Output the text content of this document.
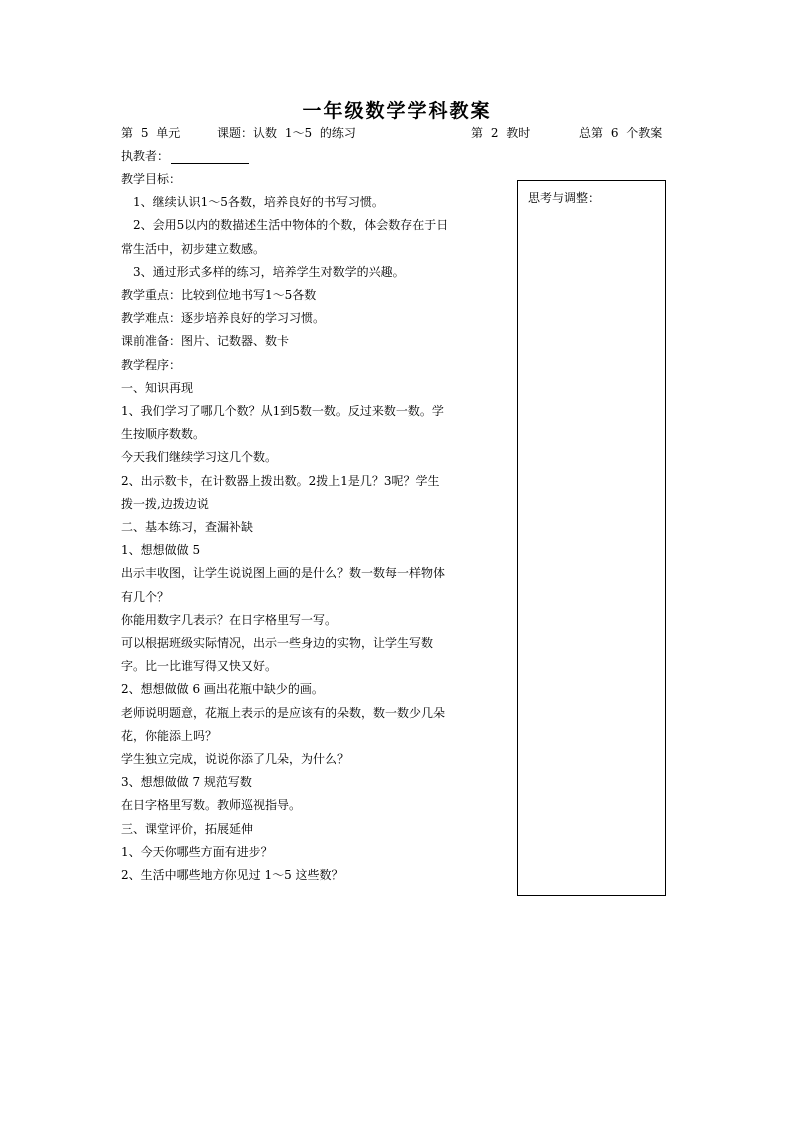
一年级数学学科教案
第 5 单元	课题：认数 1～5 的练习	第 2 教时	总第 6 个教案
执教者：

教学目标：

1、继续认识1～5各数，培养良好的书写习惯。

2、会用5以内的数描述生活中物体的个数，体会数存在于日

常生活中，初步建立数感。

3、通过形式多样的练习，培养学生对数学的兴趣。

教学重点：比较到位地书写1～5各数

教学难点：逐步培养良好的学习习惯。

课前准备：图片、记数器、数卡

教学程序：

一、知识再现

1、我们学习了哪几个数？从1到5数一数。反过来数一数。学

生按顺序数数。

今天我们继续学习这几个数。

2、出示数卡，在计数器上拨出数。2拨上1是几？3呢？学生

拨一拨,边拨边说

二、基本练习，查漏补缺

1、想想做做 5

出示丰收图，让学生说说图上画的是什么？数一数每一样物体

有几个？

你能用数字几表示？在日字格里写一写。

可以根据班级实际情况，出示一些身边的实物，让学生写数

字。比一比谁写得又快又好。

2、想想做做 6 画出花瓶中缺少的画。

老师说明题意，花瓶上表示的是应该有的朵数，数一数少几朵

花，你能添上吗？

学生独立完成，说说你添了几朵，为什么？

3、想想做做 7 规范写数

在日字格里写数。教师巡视指导。

三、课堂评价，拓展延伸

1、今天你哪些方面有进步？

2、生活中哪些地方你见过 1～5 这些数？

思考与调整：
